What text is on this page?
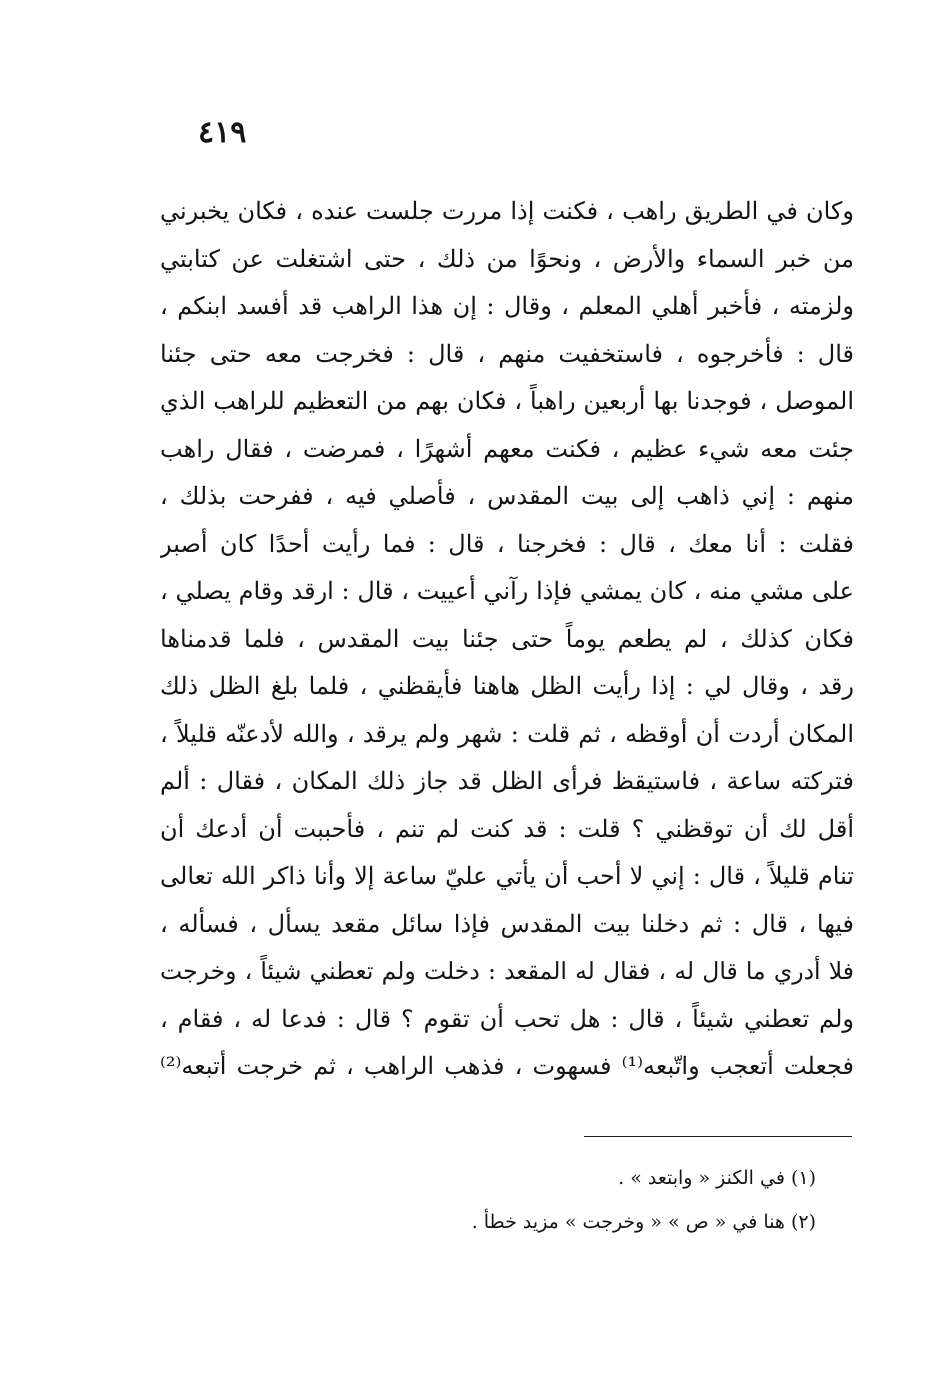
٤١٩
وكان في الطريق راهب ، فكنت إذا مررت جلست عنده ، فكان يخبرني
من خبر السماء والأرض ، ونحوًا من ذلك ، حتى اشتغلت عن كتابتي
ولزمته ، فأخبر أهلي المعلم ، وقال : إن هذا الراهب قد أفسد ابنكم ،
قال : فأخرجوه ، فاستخفيت منهم ، قال : فخرجت معه حتى جئنا
الموصل ، فوجدنا بها أربعين راهباً ، فكان بهم من التعظيم للراهب الذي
جئت معه شيء عظيم ، فكنت معهم أشهرًا ، فمرضت ، فقال راهب
منهم : إني ذاهب إلى بيت المقدس ، فأصلي فيه ، ففرحت بذلك ،
فقلت : أنا معك ، قال : فخرجنا ، قال : فما رأيت أحدًا كان أصبر
على مشي منه ، كان يمشي فإذا رآني أعييت ، قال : ارقد وقام يصلي ،
فكان كذلك ، لم يطعم يوماً حتى جئنا بيت المقدس ، فلما قدمناها
رقد ، وقال لي : إذا رأيت الظل هاهنا فأيقظني ، فلما بلغ الظل ذلك
المكان أردت أن أوقظه ، ثم قلت : شهر ولم يرقد ، والله لأدعنّه قليلاً ،
فتركته ساعة ، فاستيقظ فرأى الظل قد جاز ذلك المكان ، فقال : ألم
أقل لك أن توقظني ؟ قلت : قد كنت لم تنم ، فأحببت أن أدعك أن
تنام قليلاً ، قال : إني لا أحب أن يأتي عليّ ساعة إلا وأنا ذاكر الله تعالى
فيها ، قال : ثم دخلنا بيت المقدس فإذا سائل مقعد يسأل ، فسأله ،
فلا أدري ما قال له ، فقال له المقعد : دخلت ولم تعطني شيئاً ، وخرجت
ولم تعطني شيئاً ، قال : هل تحب أن تقوم ؟ قال : فدعا له ، فقام ،
فجعلت أتعجب واتّبعه⁽¹⁾ فسهوت ، فذهب الراهب ، ثم خرجت أتبعه⁽²⁾
(١) في الكنز « وابتعد » .
(٢) هنا في « ص » « وخرجت » مزيد خطأ .
